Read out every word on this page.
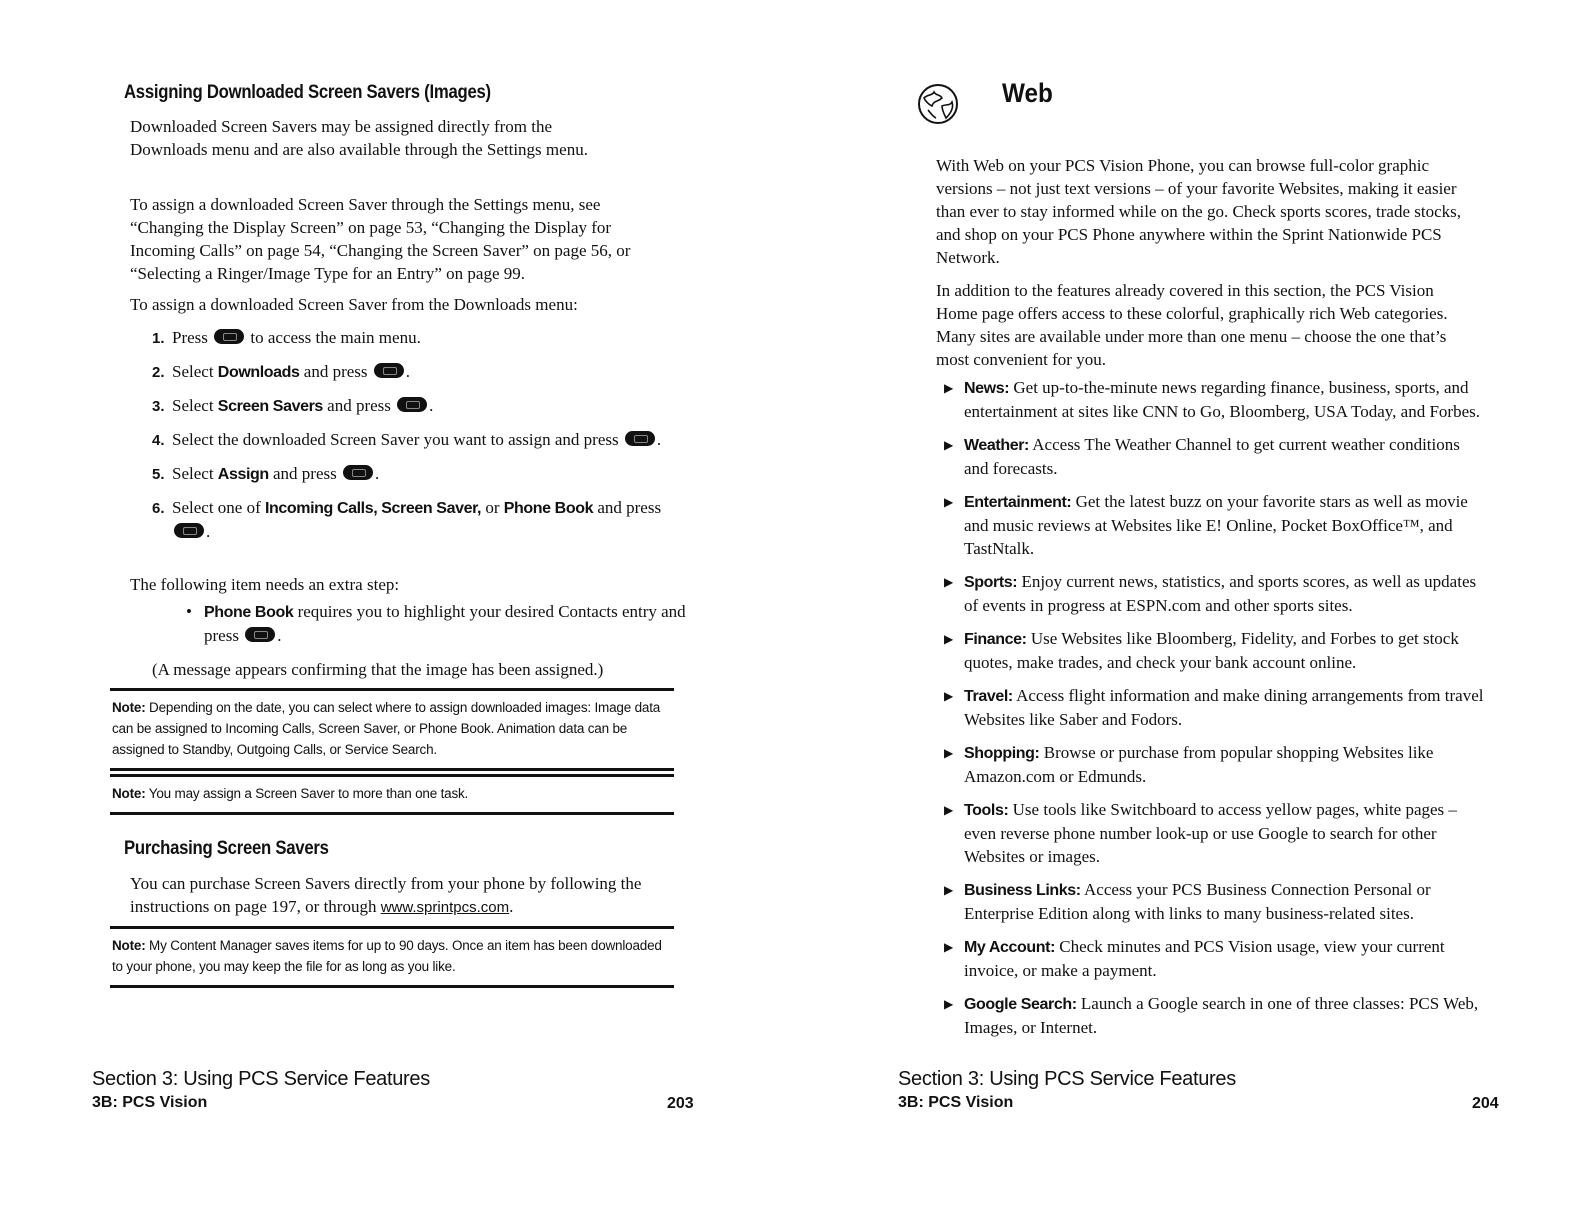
Assigning Downloaded Screen Savers (Images)

Downloaded Screen Savers may be assigned directly from the Downloads menu and are also available through the Settings menu.

To assign a downloaded Screen Saver through the Settings menu, see “Changing the Display Screen” on page 53, “Changing the Display for Incoming Calls” on page 54, “Changing the Screen Saver” on page 56, or “Selecting a Ringer/Image Type for an Entry” on page 99.

To assign a downloaded Screen Saver from the Downloads menu:

1. Press  to access the main menu.
2. Select Downloads and press .
3. Select Screen Savers and press .
4. Select the downloaded Screen Saver you want to assign and press .
5. Select Assign and press .
6. Select one of Incoming Calls, Screen Saver, or Phone Book and press .

The following item needs an extra step:

• Phone Book requires you to highlight your desired Contacts entry and press .

(A message appears confirming that the image has been assigned.)

Note: Depending on the date, you can select where to assign downloaded images: Image data can be assigned to Incoming Calls, Screen Saver, or Phone Book. Animation data can be assigned to Standby, Outgoing Calls, or Service Search.
Note: You may assign a Screen Saver to more than one task.
Purchasing Screen Savers

You can purchase Screen Savers directly from your phone by following the instructions on page 197, or through www.sprintpcs.com.

Note: My Content Manager saves items for up to 90 days. Once an item has been downloaded to your phone, you may keep the file for as long as you like.
Section 3: Using PCS Service Features
3B: PCS Vision	203
Web

With Web on your PCS Vision Phone, you can browse full-color graphic versions – not just text versions – of your favorite Websites, making it easier than ever to stay informed while on the go. Check sports scores, trade stocks, and shop on your PCS Phone anywhere within the Sprint Nationwide PCS Network.

In addition to the features already covered in this section, the PCS Vision Home page offers access to these colorful, graphically rich Web categories. Many sites are available under more than one menu – choose the one that’s most convenient for you.

▶ News: Get up-to-the-minute news regarding finance, business, sports, and entertainment at sites like CNN to Go, Bloomberg, USA Today, and Forbes.
▶ Weather: Access The Weather Channel to get current weather conditions and forecasts.
▶ Entertainment: Get the latest buzz on your favorite stars as well as movie and music reviews at Websites like E! Online, Pocket BoxOffice™, and TastNtalk.
▶ Sports: Enjoy current news, statistics, and sports scores, as well as updates of events in progress at ESPN.com and other sports sites.
▶ Finance: Use Websites like Bloomberg, Fidelity, and Forbes to get stock quotes, make trades, and check your bank account online.
▶ Travel: Access flight information and make dining arrangements from travel Websites like Saber and Fodors.
▶ Shopping: Browse or purchase from popular shopping Websites like Amazon.com or Edmunds.
▶ Tools: Use tools like Switchboard to access yellow pages, white pages – even reverse phone number look-up or use Google to search for other Websites or images.
▶ Business Links: Access your PCS Business Connection Personal or Enterprise Edition along with links to many business-related sites.
▶ My Account: Check minutes and PCS Vision usage, view your current invoice, or make a payment.
▶ Google Search: Launch a Google search in one of three classes: PCS Web, Images, or Internet.
Section 3: Using PCS Service Features
3B: PCS Vision	204
